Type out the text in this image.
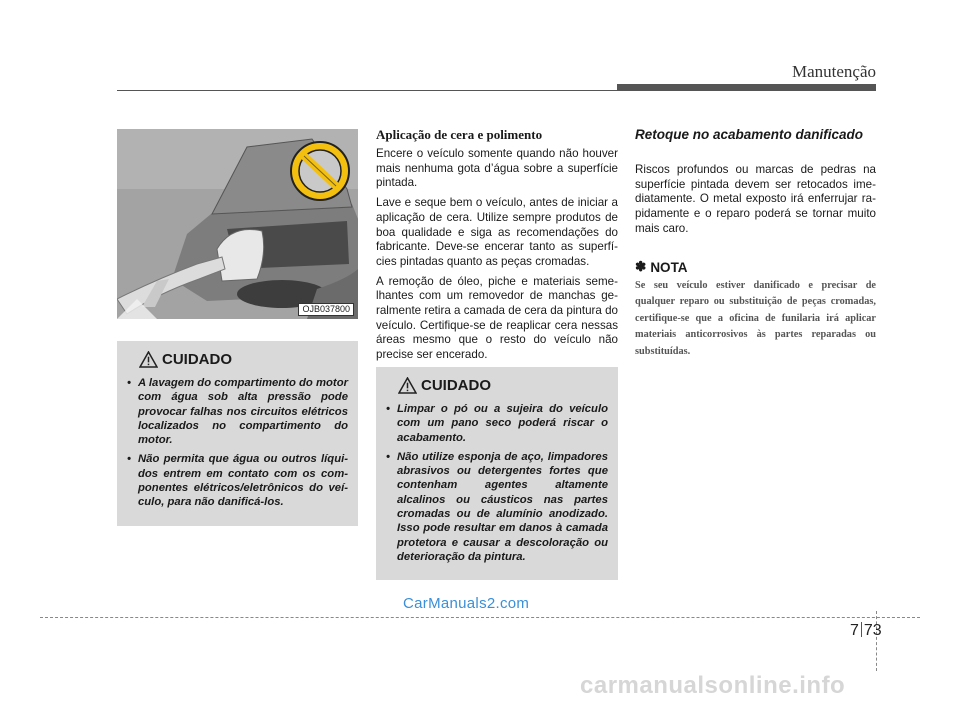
Manutenção
OJB037800
CUIDADO
• A lavagem do compartimento do motor com água sob alta pressão pode provocar falhas nos circuitos elétricos localizados no compartimento do motor.
• Não permita que água ou outros líquidos entrem em contato com os componentes elétricos/eletrônicos do veículo, para não danificá-los.
Aplicação de cera e polimento

Encere o veículo somente quando não houver mais nenhuma gota d’água sobre a superfície pintada.

Lave e seque bem o veículo, antes de iniciar a aplicação de cera. Utilize sempre produtos de boa qualidade e siga as recomendações do fabricante. Deve-se encerar tanto as superfícies pintadas quanto as peças cromadas.

A remoção de óleo, piche e materiais semelhantes com um removedor de manchas geralmente retira a camada de cera da pintura do veículo. Certifique-se de reaplicar cera nessas áreas mesmo que o resto do veículo não precise ser encerado.

CUIDADO
• Limpar o pó ou a sujeira do veículo com um pano seco poderá riscar o acabamento.
• Não utilize esponja de aço, limpadores abrasivos ou detergentes fortes que contenham agentes altamente alcalinos ou cáusticos nas partes cromadas ou de alumínio anodizado. Isso pode resultar em danos à camada protetora e causar a descoloração ou deterioração da pintura.
Retoque no acabamento danificado

Riscos profundos ou marcas de pedras na superfície pintada devem ser retocados imediatamente. O metal exposto irá enferrujar rapidamente e o reparo poderá se tornar muito mais caro.

✽ NOTA
Se seu veículo estiver danificado e precisar de qualquer reparo ou substituição de peças cromadas, certifique-se que a oficina de funilaria irá aplicar materiais anticorrosivos às partes reparadas ou substituídas.
CarManuals2.com
7 73
carmanualsonline.info
